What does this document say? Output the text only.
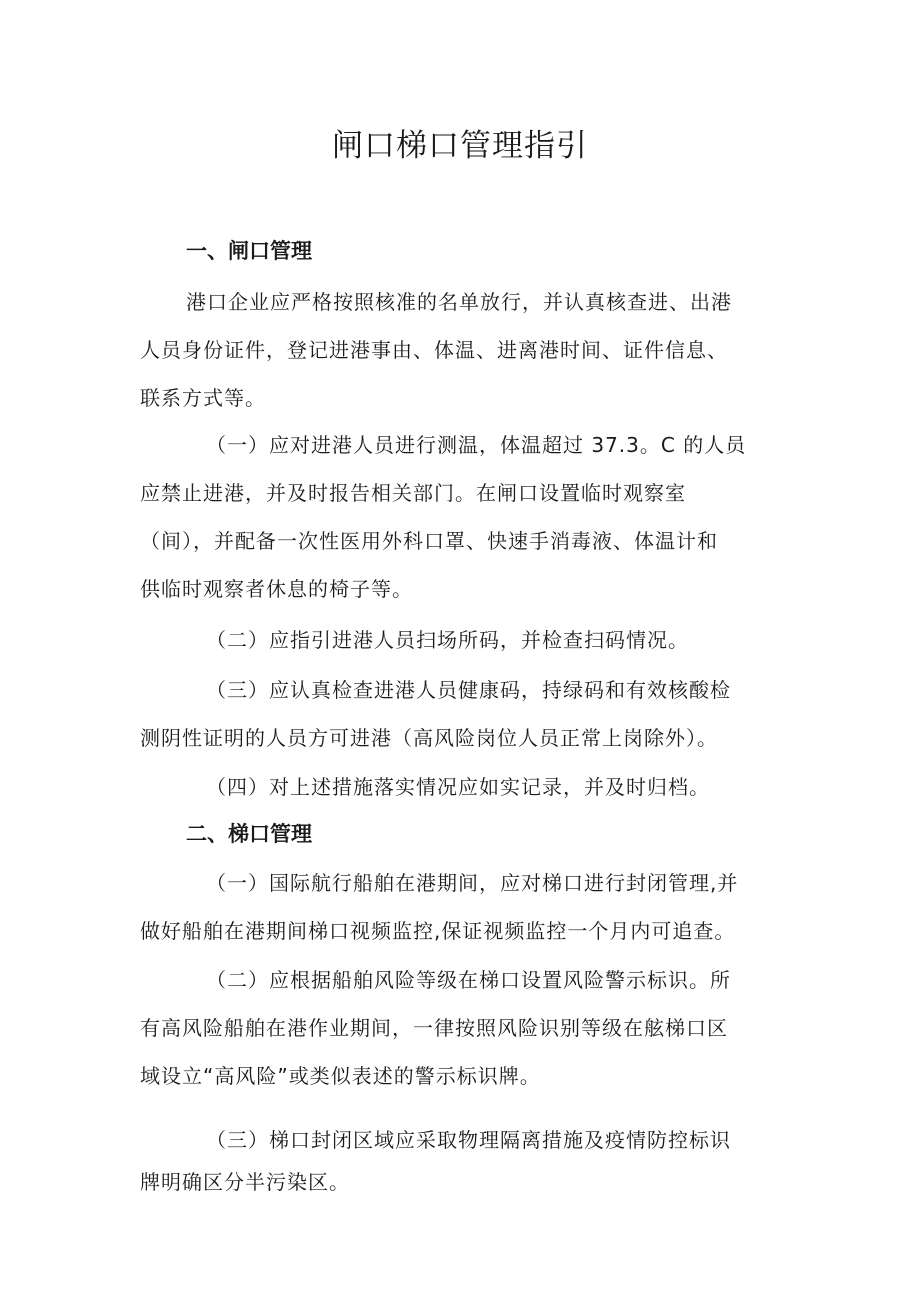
闸口梯口管理指引
一、闸口管理

港口企业应严格按照核准的名单放行，并认真核查进、出港
人员身份证件，登记进港事由、体温、进离港时间、证件信息、
联系方式等。

（一）应对进港人员进行测温，体温超过 37.3。C 的人员
应禁止进港，并及时报告相关部门。在闸口设置临时观察室
（间），并配备一次性医用外科口罩、快速手消毒液、体温计和
供临时观察者休息的椅子等。

（二）应指引进港人员扫场所码，并检查扫码情况。

（三）应认真检查进港人员健康码，持绿码和有效核酸检
测阴性证明的人员方可进港（高风险岗位人员正常上岗除外）。

（四）对上述措施落实情况应如实记录，并及时归档。

二、梯口管理

（一）国际航行船舶在港期间，应对梯口进行封闭管理,并
做好船舶在港期间梯口视频监控,保证视频监控一个月内可追查。

（二）应根据船舶风险等级在梯口设置风险警示标识。所
有高风险船舶在港作业期间，一律按照风险识别等级在舷梯口区
域设立“高风险”或类似表述的警示标识牌。

（三）梯口封闭区域应采取物理隔离措施及疫情防控标识
牌明确区分半污染区。
